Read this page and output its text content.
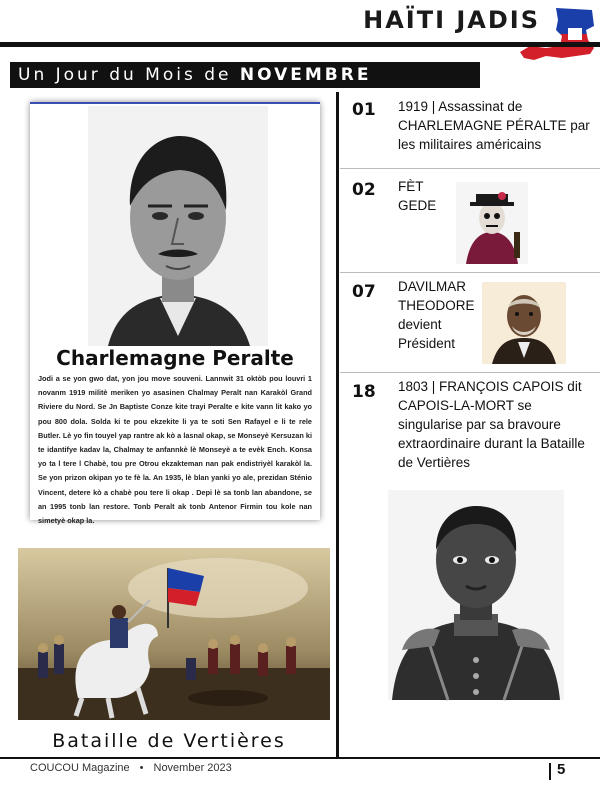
HAÏTI JADIS
Un Jour du Mois de NOVEMBRE
Charlemagne Peralte
Jodi a se yon gwo dat, yon jou move souveni. Lannwit 31 oktòb pou louvri 1 novanm 1919 militè meriken yo asasinen Chalmay Peralt nan Karakòl Grand Riviere du Nord. Se Jn Baptiste Conze kite trayi Peralte e kite vann lit kako yo pou 800 dola. Solda ki te pou ekzekite li ya te soti Sen Rafayel e li te rele Butler. Lè yo fin touyel yap rantre ak kò a lasnal okap, se Monseyè Kersuzan ki te idantifye kadav la, Chalmay te anfannkè lè Monseyè a te evèk Ench. Konsa yo ta l tere l Chabè, tou pre Otrou ekzakteman nan pak endistriyèl karakòl la. Se yon prizon okipan yo te fè la. An 1935, lè blan yanki yo ale, prezidan Sténio Vincent, detere kò a chabè pou tere li okap . Depi lè sa tonb lan abandone, se an 1995 tonb lan restore. Tonb Peralt ak tonb Antenor Firmin tou kole nan simetyè okap la.
Bataille de Vertières
01 1919 | Assassinat de CHARLEMAGNE PÉRALTE par les militaires américains
02 FÈT GEDE
07 DAVILMAR THEODORE devient Président
18 1803 | FRANÇOIS CAPOIS dit CAPOIS-LA-MORT se singularise par sa bravoure extraordinaire durant la Bataille de Vertières
COUCOU Magazine • November 2023	5
